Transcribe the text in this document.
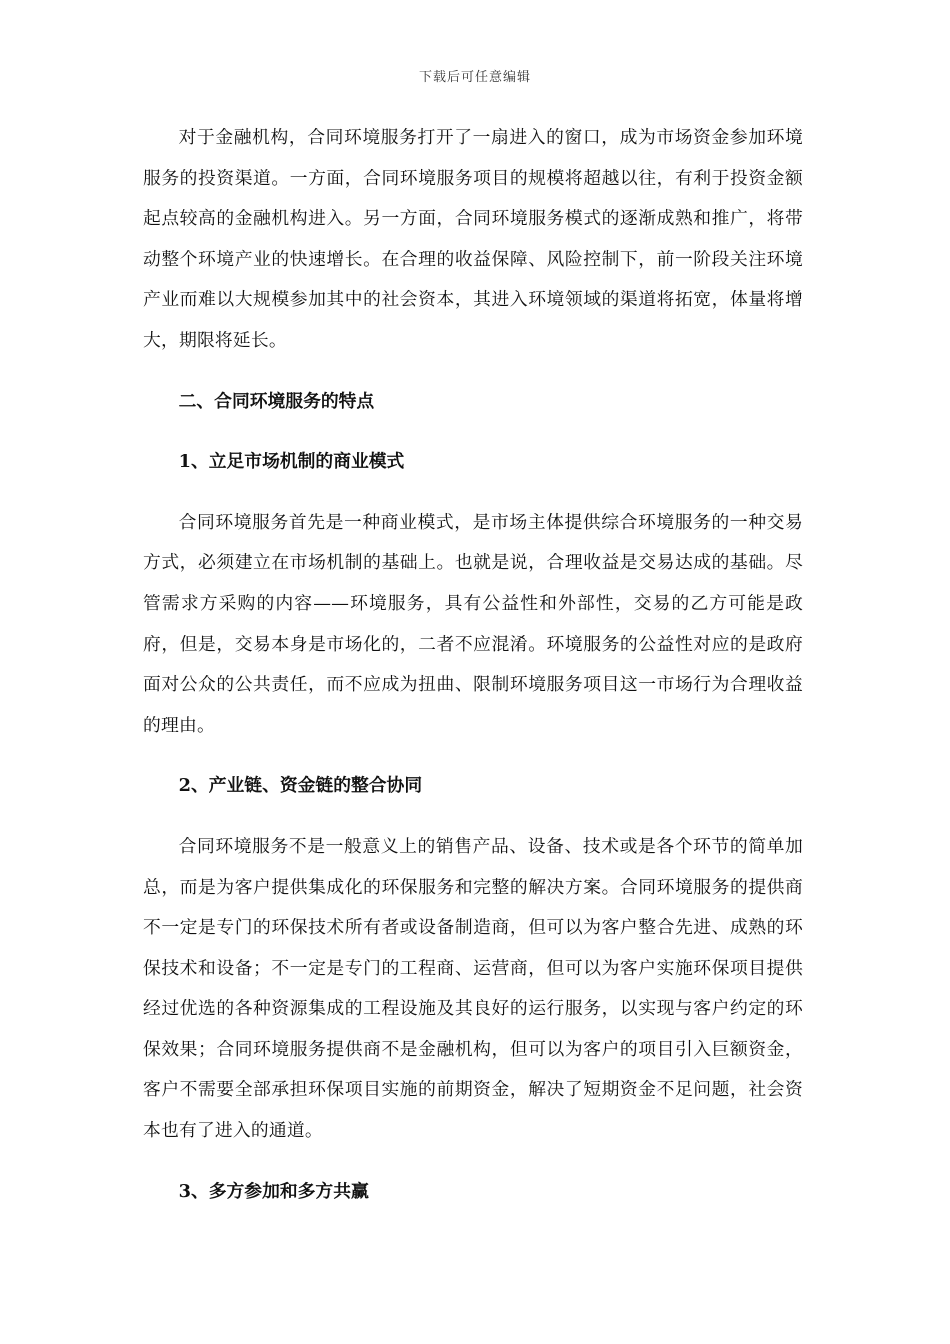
下载后可任意编辑

对于金融机构，合同环境服务打开了一扇进入的窗口，成为市场资金参加环境服务的投资渠道。一方面，合同环境服务项目的规模将超越以往，有利于投资金额起点较高的金融机构进入。另一方面，合同环境服务模式的逐渐成熟和推广，将带动整个环境产业的快速增长。在合理的收益保障、风险控制下，前一阶段关注环境产业而难以大规模参加其中的社会资本，其进入环境领域的渠道将拓宽，体量将增大，期限将延长。

二、合同环境服务的特点

1、立足市场机制的商业模式

合同环境服务首先是一种商业模式，是市场主体提供综合环境服务的一种交易方式，必须建立在市场机制的基础上。也就是说，合理收益是交易达成的基础。尽管需求方采购的内容——环境服务，具有公益性和外部性，交易的乙方可能是政府，但是，交易本身是市场化的，二者不应混淆。环境服务的公益性对应的是政府面对公众的公共责任，而不应成为扭曲、限制环境服务项目这一市场行为合理收益的理由。

2、产业链、资金链的整合协同

合同环境服务不是一般意义上的销售产品、设备、技术或是各个环节的简单加总，而是为客户提供集成化的环保服务和完整的解决方案。合同环境服务的提供商不一定是专门的环保技术所有者或设备制造商，但可以为客户整合先进、成熟的环保技术和设备；不一定是专门的工程商、运营商，但可以为客户实施环保项目提供经过优选的各种资源集成的工程设施及其良好的运行服务，以实现与客户约定的环保效果；合同环境服务提供商不是金融机构，但可以为客户的项目引入巨额资金，客户不需要全部承担环保项目实施的前期资金，解决了短期资金不足问题，社会资本也有了进入的通道。

3、多方参加和多方共赢
